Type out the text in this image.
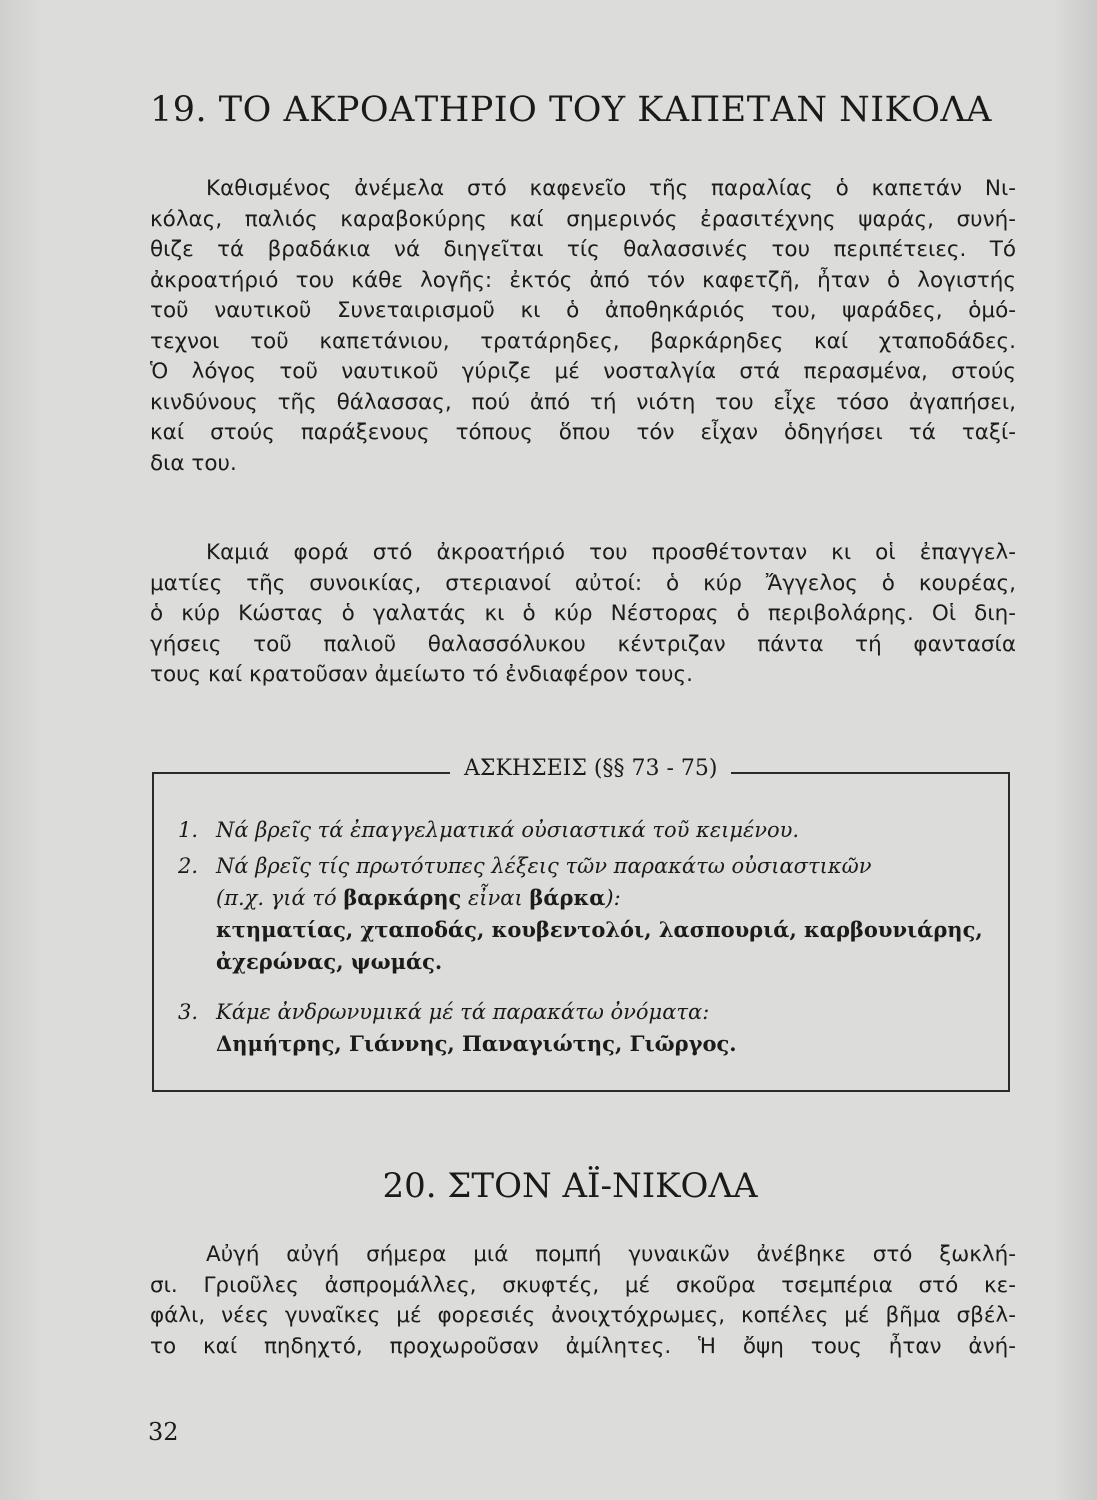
19. ΤΟ ΑΚΡΟΑΤΗΡΙΟ ΤΟΥ ΚΑΠΕΤΑΝ ΝΙΚΟΛΑ
Καθισμένος ἀνέμελα στό καφενεῖο τῆς παραλίας ὁ καπετάν Νι-
κόλας, παλιός καραβοκύρης καί σημερινός ἐρασιτέχνης ψαράς, συνή-
θιζε τά βραδάκια νά διηγεῖται τίς θαλασσινές του περιπέτειες. Τό
ἀκροατήριό του κάθε λογῆς: ἐκτός ἀπό τόν καφετζῆ, ἦταν ὁ λογιστής
τοῦ ναυτικοῦ Συνεταιρισμοῦ κι ὁ ἀποθηκάριός του, ψαράδες, ὁμό-
τεχνοι τοῦ καπετάνιου, τρατάρηδες, βαρκάρηδες καί χταποδάδες.
Ὁ λόγος τοῦ ναυτικοῦ γύριζε μέ νοσταλγία στά περασμένα, στούς
κινδύνους τῆς θάλασσας, πού ἀπό τή νιότη του εἶχε τόσο ἀγαπήσει,
καί στούς παράξενους τόπους ὅπου τόν εἶχαν ὁδηγήσει τά ταξί-
δια του.
Καμιά φορά στό ἀκροατήριό του προσθέτονταν κι οἱ ἐπαγγελ-
ματίες τῆς συνοικίας, στεριανοί αὐτοί: ὁ κύρ Ἄγγελος ὁ κουρέας,
ὁ κύρ Κώστας ὁ γαλατάς κι ὁ κύρ Νέστορας ὁ περιβολάρης. Οἱ διη-
γήσεις τοῦ παλιοῦ θαλασσόλυκου κέντριζαν πάντα τή φαντασία
τους καί κρατοῦσαν ἀμείωτο τό ἐνδιαφέρον τους.
ΑΣΚΗΣΕΙΣ (§§ 73 - 75)
1. Νά βρεῖς τά ἐπαγγελματικά οὐσιαστικά τοῦ κειμένου.
2. Νά βρεῖς τίς πρωτότυπες λέξεις τῶν παρακάτω οὐσιαστικῶν
(π.χ. γιά τό βαρκάρης εἶναι βάρκα):
κτηματίας, χταποδάς, κουβεντολόι, λασπουριά, καρβουνιάρης,
ἀχερώνας, ψωμάς.
3. Κάμε ἀνδρωνυμικά μέ τά παρακάτω ὀνόματα:
Δημήτρης, Γιάννης, Παναγιώτης, Γιῶργος.
20. ΣΤΟΝ ΑΪ-ΝΙΚΟΛΑ
Αὐγή αὐγή σήμερα μιά πομπή γυναικῶν ἀνέβηκε στό ξωκλή-
σι. Γριοῦλες ἀσπρομάλλες, σκυφτές, μέ σκοῦρα τσεμπέρια στό κε-
φάλι, νέες γυναῖκες μέ φορεσιές ἀνοιχτόχρωμες, κοπέλες μέ βῆμα σβέλ-
το καί πηδηχτό, προχωροῦσαν ἀμίλητες. Ἡ ὄψη τους ἦταν ἀνή-
32
